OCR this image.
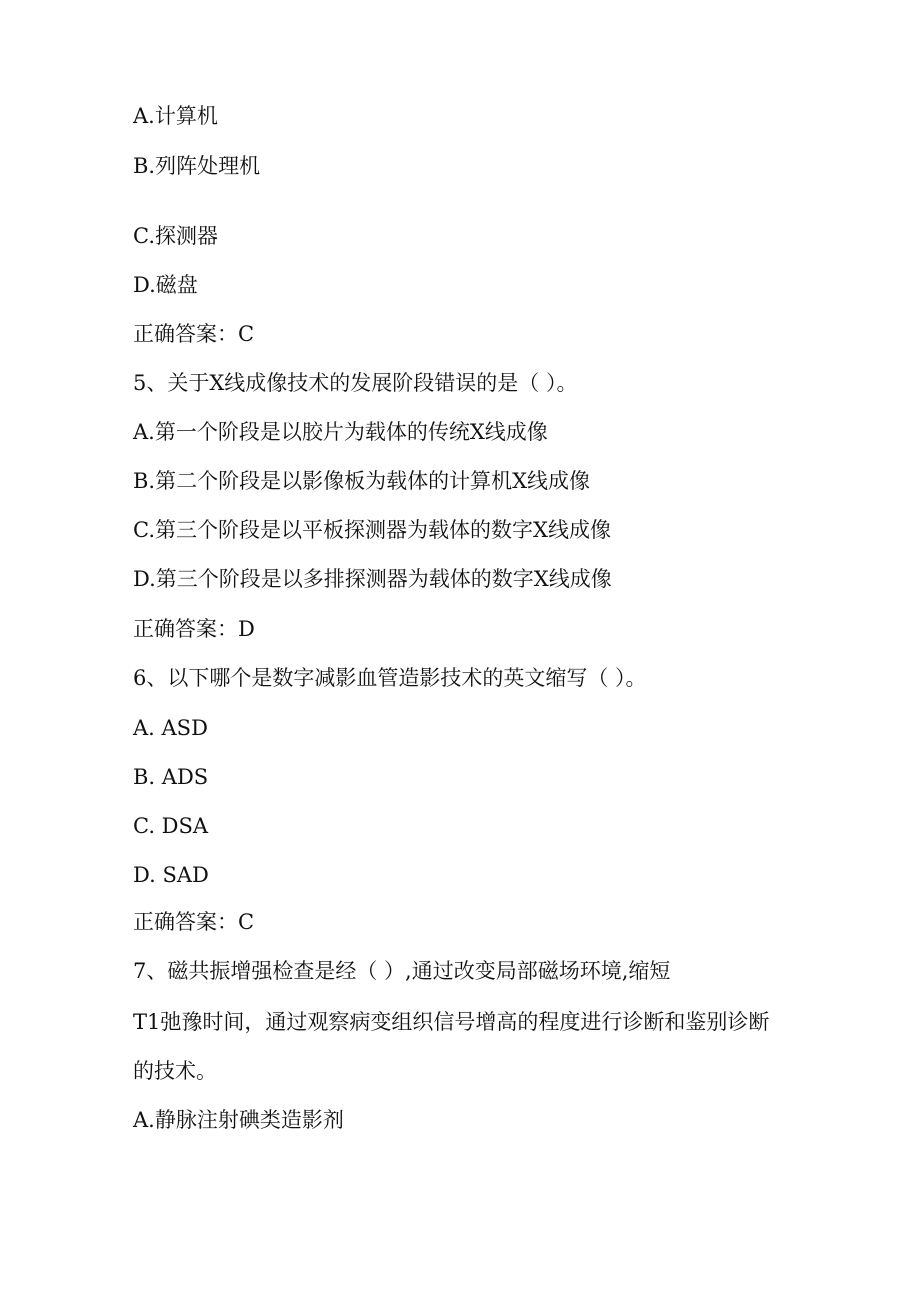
A.计算机
B.列阵处理机
C.探测器
D.磁盘
正确答案：C
5、关于X线成像技术的发展阶段错误的是（ ）。
A.第一个阶段是以胶片为载体的传统X线成像
B.第二个阶段是以影像板为载体的计算机X线成像
C.第三个阶段是以平板探测器为载体的数字X线成像
D.第三个阶段是以多排探测器为载体的数字X线成像
正确答案：D
6、以下哪个是数字减影血管造影技术的英文缩写（ ）。
A. ASD
B. ADS
C. DSA
D. SAD
正确答案：C
7、磁共振增强检查是经（ ）,通过改变局部磁场环境,缩短
T1弛豫时间，通过观察病变组织信号增高的程度进行诊断和鉴别诊断
的技术。
A.静脉注射碘类造影剂
